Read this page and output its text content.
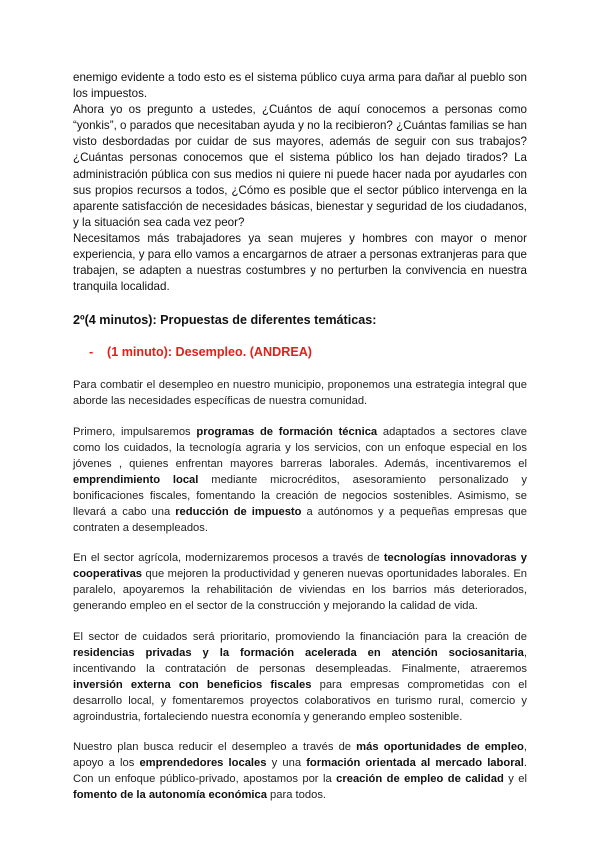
enemigo evidente a todo esto es el sistema público cuya arma para dañar al pueblo son los impuestos.

Ahora yo os pregunto a ustedes, ¿Cuántos de aquí conocemos a personas como “yonkis”, o parados que necesitaban ayuda y no la recibieron? ¿Cuántas familias se han visto desbordadas por cuidar de sus mayores, además de seguir con sus trabajos? ¿Cuántas personas conocemos que el sistema público los han dejado tirados? La administración pública con sus medios ni quiere ni puede hacer nada por ayudarles con sus propios recursos a todos, ¿Cómo es posible que el sector público intervenga en la aparente satisfacción de necesidades básicas, bienestar y seguridad de los ciudadanos, y la situación sea cada vez peor?

Necesitamos más trabajadores ya sean mujeres y hombres con mayor o menor experiencia, y para ello vamos a encargarnos de atraer a personas extranjeras para que trabajen, se adapten a nuestras costumbres y no perturben la convivencia en nuestra tranquila localidad.

2º(4 minutos): Propuestas de diferentes temáticas:
- (1 minuto): Desempleo. (ANDREA)

Para combatir el desempleo en nuestro municipio, proponemos una estrategia integral que aborde las necesidades específicas de nuestra comunidad.

Primero, impulsaremos programas de formación técnica adaptados a sectores clave como los cuidados, la tecnología agraria y los servicios, con un enfoque especial en los jóvenes , quienes enfrentan mayores barreras laborales. Además, incentivaremos el emprendimiento local mediante microcréditos, asesoramiento personalizado y bonificaciones fiscales, fomentando la creación de negocios sostenibles. Asimismo, se llevará a cabo una reducción de impuesto a autónomos y a pequeñas empresas que contraten a desempleados.

En el sector agrícola, modernizaremos procesos a través de tecnologías innovadoras y cooperativas que mejoren la productividad y generen nuevas oportunidades laborales. En paralelo, apoyaremos la rehabilitación de viviendas en los barrios más deteriorados, generando empleo en el sector de la construcción y mejorando la calidad de vida.

El sector de cuidados será prioritario, promoviendo la financiación para la creación de residencias privadas y la formación acelerada en atención sociosanitaria, incentivando la contratación de personas desempleadas. Finalmente, atraeremos inversión externa con beneficios fiscales para empresas comprometidas con el desarrollo local, y fomentaremos proyectos colaborativos en turismo rural, comercio y agroindustria, fortaleciendo nuestra economía y generando empleo sostenible.

Nuestro plan busca reducir el desempleo a través de más oportunidades de empleo, apoyo a los emprendedores locales y una formación orientada al mercado laboral. Con un enfoque público-privado, apostamos por la creación de empleo de calidad y el fomento de la autonomía económica para todos.
